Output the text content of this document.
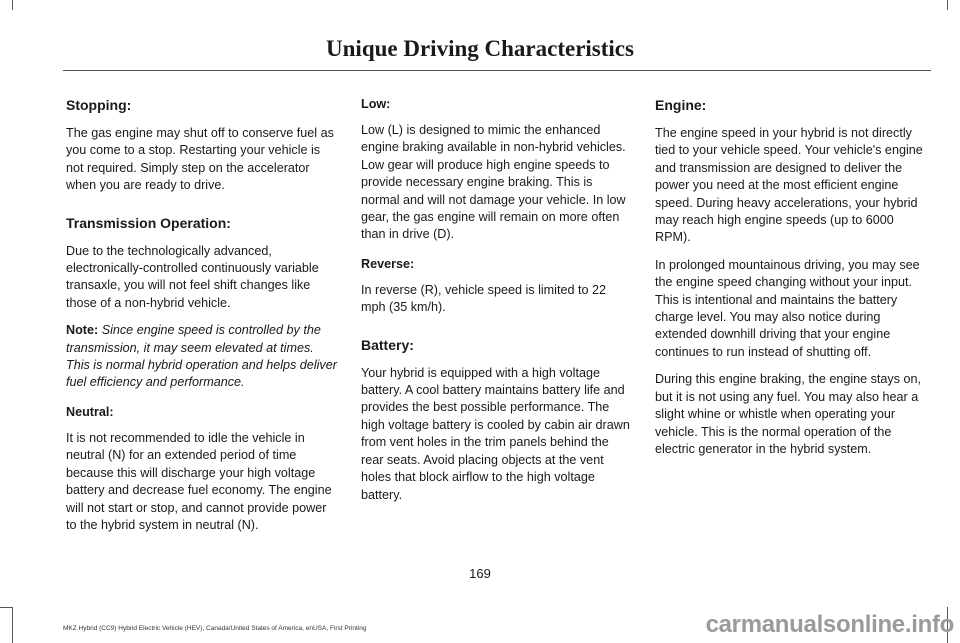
Unique Driving Characteristics
Stopping:

The gas engine may shut off to conserve fuel as you come to a stop. Restarting your vehicle is not required. Simply step on the accelerator when you are ready to drive.

Transmission Operation:

Due to the technologically advanced, electronically-controlled continuously variable transaxle, you will not feel shift changes like those of a non-hybrid vehicle.

Note: Since engine speed is controlled by the transmission, it may seem elevated at times. This is normal hybrid operation and helps deliver fuel efficiency and performance.

Neutral:

It is not recommended to idle the vehicle in neutral (N) for an extended period of time because this will discharge your high voltage battery and decrease fuel economy. The engine will not start or stop, and cannot provide power to the hybrid system in neutral (N).

Low:

Low (L) is designed to mimic the enhanced engine braking available in non-hybrid vehicles. Low gear will produce high engine speeds to provide necessary engine braking. This is normal and will not damage your vehicle. In low gear, the gas engine will remain on more often than in drive (D).

Reverse:

In reverse (R), vehicle speed is limited to 22 mph (35 km/h).

Battery:

Your hybrid is equipped with a high voltage battery. A cool battery maintains battery life and provides the best possible performance. The high voltage battery is cooled by cabin air drawn from vent holes in the trim panels behind the rear seats. Avoid placing objects at the vent holes that block airflow to the high voltage battery.

Engine:

The engine speed in your hybrid is not directly tied to your vehicle speed. Your vehicle's engine and transmission are designed to deliver the power you need at the most efficient engine speed. During heavy accelerations, your hybrid may reach high engine speeds (up to 6000 RPM).

In prolonged mountainous driving, you may see the engine speed changing without your input. This is intentional and maintains the battery charge level. You may also notice during extended downhill driving that your engine continues to run instead of shutting off.

During this engine braking, the engine stays on, but it is not using any fuel. You may also hear a slight whine or whistle when operating your vehicle. This is the normal operation of the electric generator in the hybrid system.

169
MKZ Hybrid (CC9) Hybrid Electric Vehicle (HEV), Canada/United States of America, enUSA, First Printing	carmanualsonline.info
